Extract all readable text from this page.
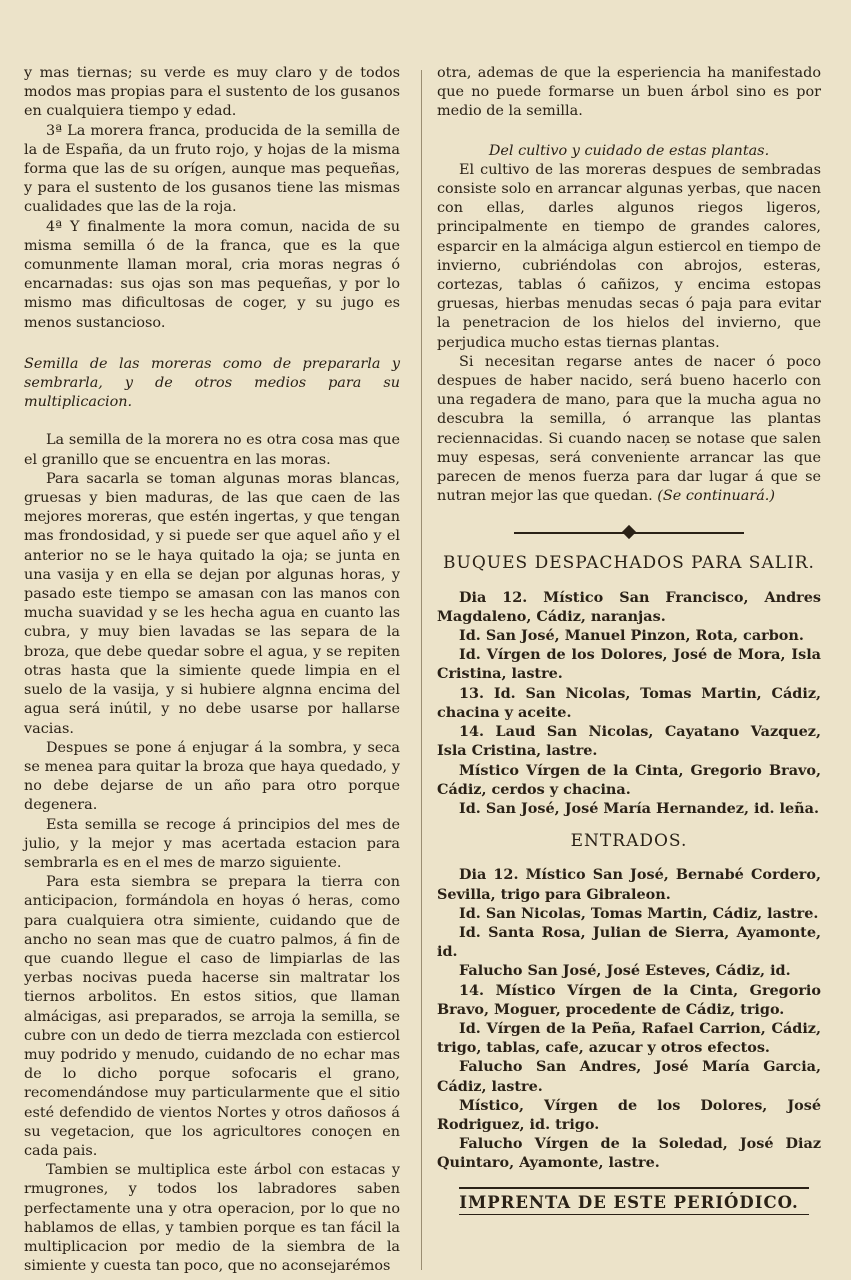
y mas tiernas; su verde es muy claro y de todos modos mas propias para el sustento de los gusanos en cualquiera tiempo y edad.

3ª La morera franca, producida de la semilla de la de España, da un fruto rojo, y hojas de la misma forma que las de su orígen, aunque mas pequeñas, y para el sustento de los gusanos tiene las mismas cualidades que las de la roja.

4ª Y finalmente la mora comun, nacida de su misma semilla ó de la franca, que es la que comunmente llaman moral, cria moras negras ó encarnadas: sus ojas son mas pequeñas, y por lo mismo mas dificultosas de coger, y su jugo es menos sustancioso.

Semilla de las moreras como de prepararla y sembrarla, y de otros medios para su multiplicacion.

La semilla de la morera no es otra cosa mas que el granillo que se encuentra en las moras.

Para sacarla se toman algunas moras blancas, gruesas y bien maduras, de las que caen de las mejores moreras, que estén ingertas, y que tengan mas frondosidad, y si puede ser que aquel año y el anterior no se le haya quitado la oja; se junta en una vasija y en ella se dejan por algunas horas, y pasado este tiempo se amasan con las manos con mucha suavidad y se les hecha agua en cuanto las cubra, y muy bien lavadas se las separa de la broza, que debe quedar sobre el agua, y se repiten otras hasta que la simiente quede limpia en el suelo de la vasija, y si hubiere algnna encima del agua será inútil, y no debe usarse por hallarse vacias.

Despues se pone á enjugar á la sombra, y seca se menea para quitar la broza que haya quedado, y no debe dejarse de un año para otro porque degenera.

Esta semilla se recoge á principios del mes de julio, y la mejor y mas acertada estacion para sembrarla es en el mes de marzo siguiente.

Para esta siembra se prepara la tierra con anticipacion, formándola en hoyas ó heras, como para cualquiera otra simiente, cuidando que de ancho no sean mas que de cuatro palmos, á fin de que cuando llegue el caso de limpiarlas de las yerbas nocivas pueda hacerse sin maltratar los tiernos arbolitos. En estos sitios, que llaman almácigas, asi preparados, se arroja la semilla, se cubre con un dedo de tierra mezclada con estiercol muy podrido y menudo, cuidando de no echar mas de lo dicho porque sofocaris el grano, recomendándose muy particularmente que el sitio esté defendido de vientos Nortes y otros dañosos á su vegetacion, que los agricultores conoçen en cada pais.

Tambien se multiplica este árbol con estacas y rmugrones, y todos los labradores saben perfectamente una y otra operacion, por lo que no hablamos de ellas, y tambien porque es tan fácil la multiplicacion por medio de la siembra de la simiente y cuesta tan poco, que no aconsejarémos

otra, ademas de que la esperiencia ha manifestado que no puede formarse un buen árbol sino es por medio de la semilla.

Del cultivo y cuidado de estas plantas.

El cultivo de las moreras despues de sembradas consiste solo en arrancar algunas yerbas, que nacen con ellas, darles algunos riegos ligeros, principalmente en tiempo de grandes calores, esparcir en la almáciga algun estiercol en tiempo de invierno, cubriéndolas con abrojos, esteras, cortezas, tablas ó cañizos, y encima estopas gruesas, hierbas menudas secas ó paja para evitar la penetracion de los hielos del invierno, que perjudica mucho estas tiernas plantas.

Si necesitan regarse antes de nacer ó poco despues de haber nacido, será bueno hacerlo con una regadera de mano, para que la mucha agua no descubra la semilla, ó arranque las plantas reciennacidas. Si cuando naceņ se notase que salen muy espesas, será conveniente arrancar las que parecen de menos fuerza para dar lugar á que se nutran mejor las que quedan. (Se continuará.)

BUQUES DESPACHADOS PARA SALIR.

Dia 12. Místico San Francisco, Andres Magdaleno, Cádiz, naranjas.

Id. San José, Manuel Pinzon, Rota, carbon.

Id. Vírgen de los Dolores, José de Mora, Isla Cristina, lastre.

13. Id. San Nicolas, Tomas Martin, Cádiz, chacina y aceite.

14. Laud San Nicolas, Cayatano Vazquez, Isla Cristina, lastre.

Místico Vírgen de la Cinta, Gregorio Bravo, Cádiz, cerdos y chacina.

Id. San José, José María Hernandez, id. leña.

ENTRADOS.

Dia 12. Místico San José, Bernabé Cordero, Sevilla, trigo para Gibraleon.

Id. San Nicolas, Tomas Martin, Cádiz, lastre.

Id. Santa Rosa, Julian de Sierra, Ayamonte, id.

Falucho San José, José Esteves, Cádiz, id.

14. Místico Vírgen de la Cinta, Gregorio Bravo, Moguer, procedente de Cádiz, trigo.

Id. Vírgen de la Peña, Rafael Carrion, Cádiz, trigo, tablas, cafe, azucar y otros efectos.

Falucho San Andres, José María Garcia, Cádiz, lastre.

Místico, Vírgen de los Dolores, José Rodriguez, id. trigo.

Falucho Vírgen de la Soledad, José Diaz Quintaro, Ayamonte, lastre.

IMPRENTA DE ESTE PERIÓDICO.
